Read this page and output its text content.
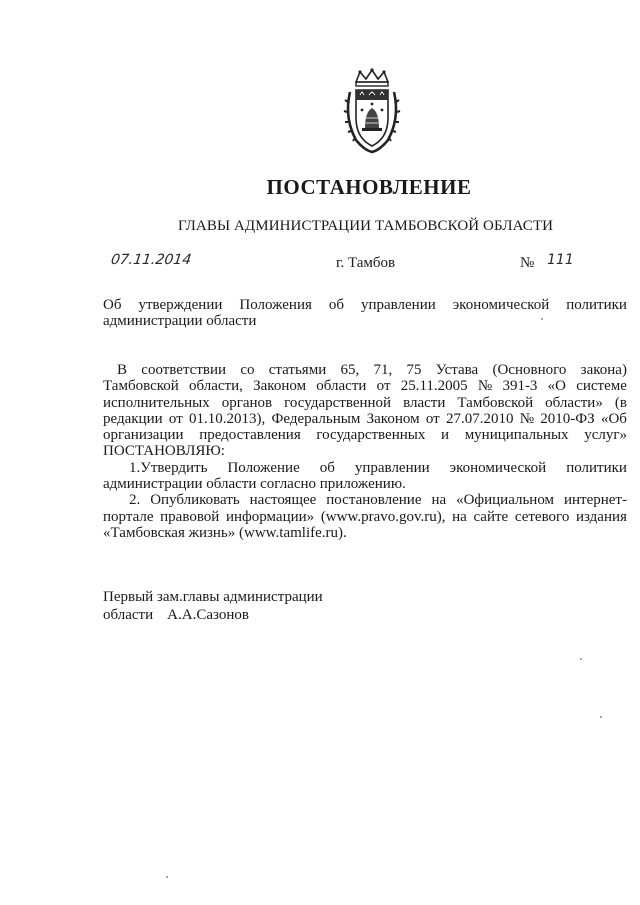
ПОСТАНОВЛЕНИЕ
ГЛАВЫ АДМИНИСТРАЦИИ ТАМБОВСКОЙ ОБЛАСТИ
07.11.2014	г. Тамбов	№ 111
Об утверждении Положения об управлении экономической политики
администрации области
В соответствии со статьями 65, 71, 75 Устава (Основного закона)
Тамбовской области, Законом области от 25.11.2005 № 391-3 «О системе
исполнительных органов государственной власти Тамбовской области» (в
редакции от 01.10.2013), Федеральным Законом от 27.07.2010 № 2010-ФЗ «Об
организации предоставления государственных и муниципальных услуг»
ПОСТАНОВЛЯЮ:
1.Утвердить Положение об управлении экономической политики
администрации области согласно приложению.
2. Опубликовать настоящее постановление на «Официальном интернет-
портале правовой информации» (www.pravo.gov.ru), на сайте сетевого издания
«Тамбовская жизнь» (www.tamlife.ru).
Первый зам.главы администрации
области А.А.Сазонов
